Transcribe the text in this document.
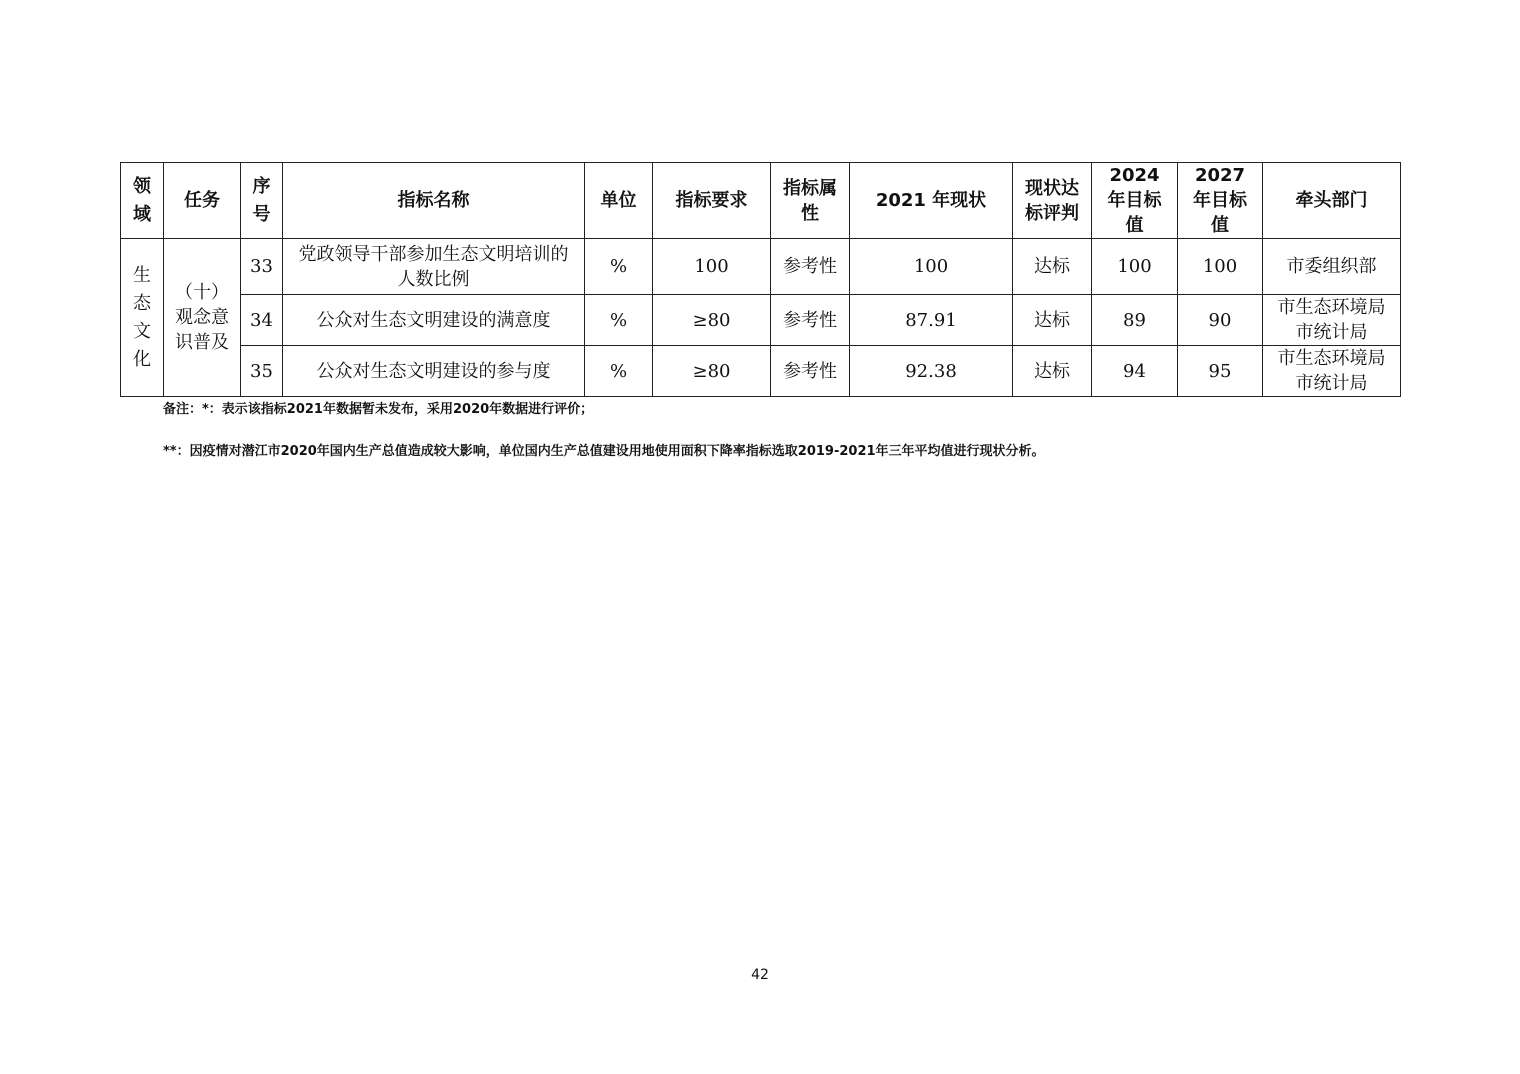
领域	任务	序号	指标名称	单位	指标要求	指标属性	2021 年现状	现状达标评判	2024 年目标值	2027 年目标值	牵头部门

生态文化	（十）观念意识普及	33	党政领导干部参加生态文明培训的人数比例	%	100	参考性	100	达标	100	100	市委组织部
		34	公众对生态文明建设的满意度	%	≥80	参考性	87.91	达标	89	90	市生态环境局市统计局
		35	公众对生态文明建设的参与度	%	≥80	参考性	92.38	达标	94	95	市生态环境局市统计局
备注：*：表示该指标2021年数据暂未发布，采用2020年数据进行评价；
**：因疫情对潜江市2020年国内生产总值造成较大影响，单位国内生产总值建设用地使用面积下降率指标选取2019-2021年三年平均值进行现状分析。
42
